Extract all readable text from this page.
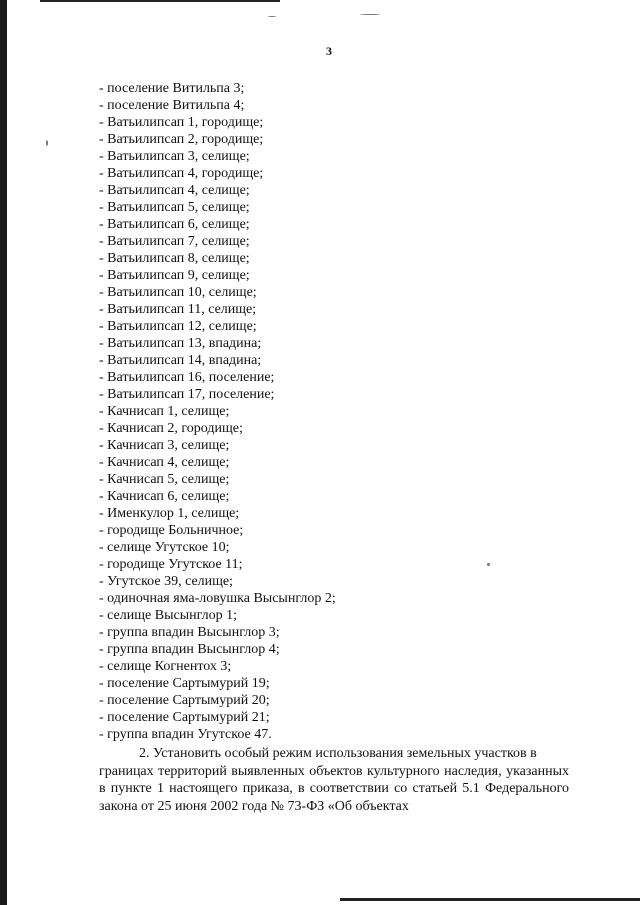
3
- поселение Витильпа 3;
- поселение Витильпа 4;
- Ватьилипсап 1, городище;
- Ватьилипсап 2, городище;
- Ватьилипсап 3, селище;
- Ватьилипсап 4, городище;
- Ватьилипсап 4, селище;
- Ватьилипсап 5, селище;
- Ватьилипсап 6, селище;
- Ватьилипсап 7, селище;
- Ватьилипсап 8, селище;
- Ватьилипсап 9, селище;
- Ватьилипсап 10, селище;
- Ватьилипсап 11, селище;
- Ватьилипсап 12, селище;
- Ватьилипсап 13, впадина;
- Ватьилипсап 14, впадина;
- Ватьилипсап 16, поселение;
- Ватьилипсап 17, поселение;
- Качнисап 1, селище;
- Качнисап 2, городище;
- Качнисап 3, селище;
- Качнисап 4, селище;
- Качнисап 5, селище;
- Качнисап 6, селище;
- Именкулор 1, селище;
- городище Больничное;
- селище Угутское 10;
- городище Угутское 11;
- Угутское 39, селище;
- одиночная яма-ловушка Высынглор 2;
- селище Высынглор 1;
- группа впадин Высынглор 3;
- группа впадин Высынглор 4;
- селище Когнентох 3;
- поселение Сартымурий 19;
- поселение Сартымурий 20;
- поселение Сартымурий 21;
- группа впадин Угутское 47.

2. Установить особый режим использования земельных участков в
границах территорий выявленных объектов культурного наследия, указанных в пункте 1 настоящего приказа, в соответствии со статьей 5.1 Федерального закона от 25 июня 2002 года № 73-ФЗ «Об объектах
